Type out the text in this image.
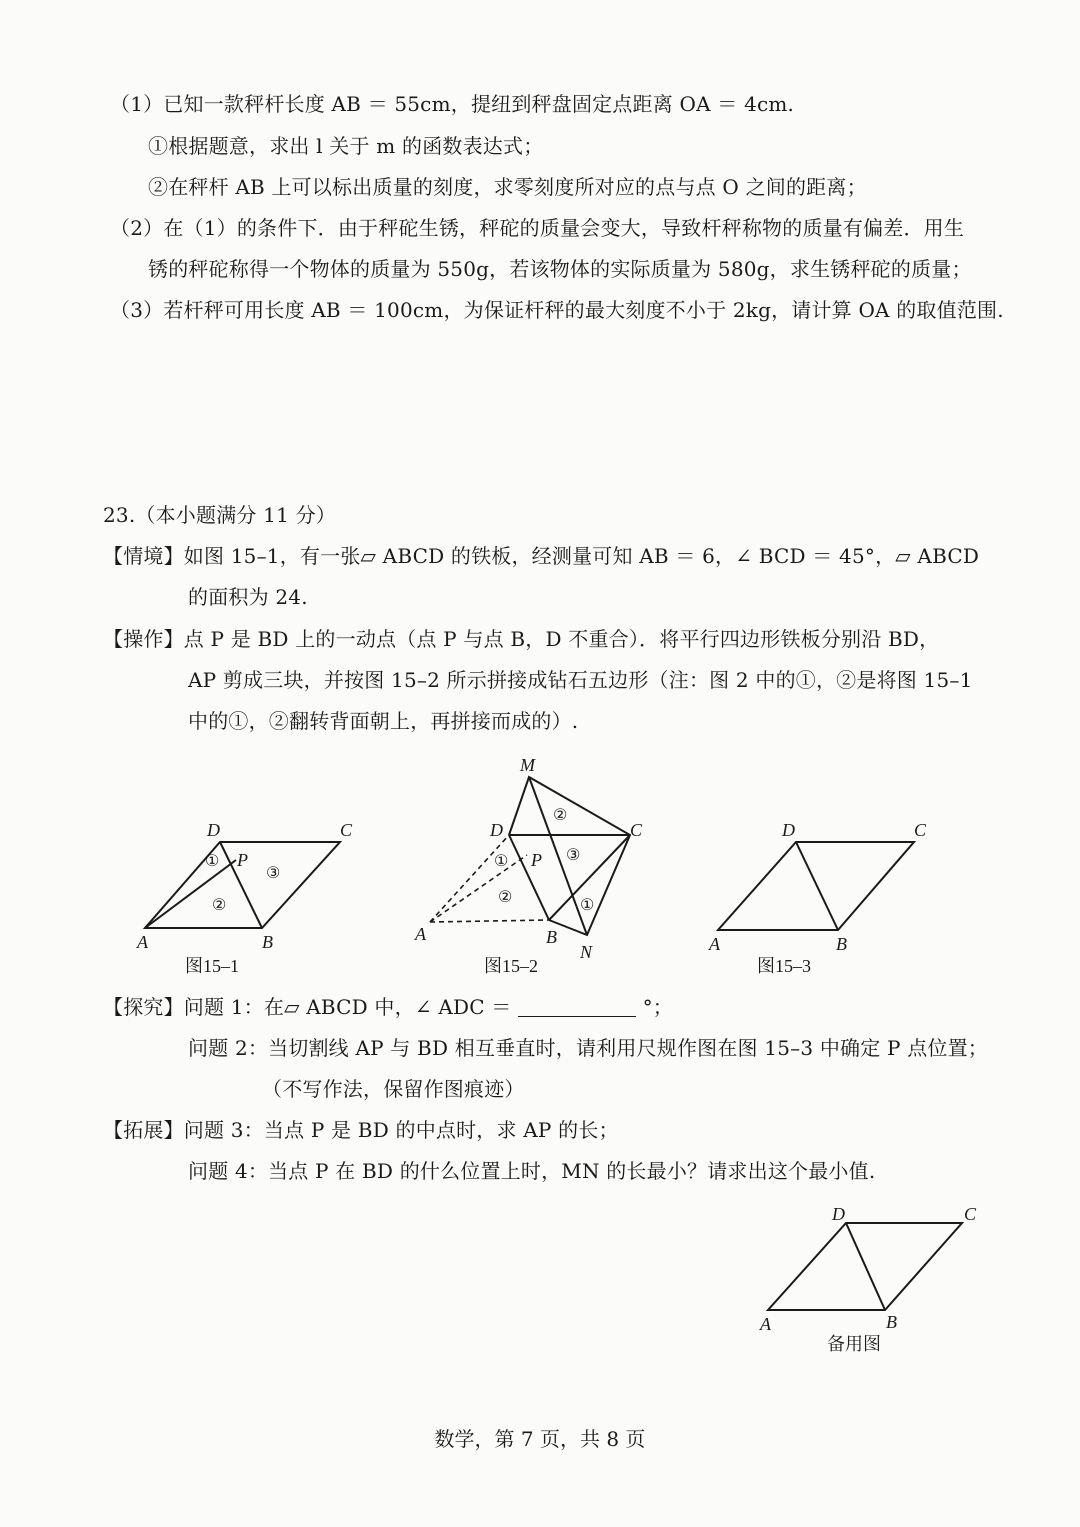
（1）已知一款秤杆长度 AB ＝ 55cm，提纽到秤盘固定点距离 OA ＝ 4cm.
①根据题意，求出 l 关于 m 的函数表达式；
②在秤杆 AB 上可以标出质量的刻度，求零刻度所对应的点与点 O 之间的距离；
（2）在（1）的条件下．由于秤砣生锈，秤砣的质量会变大，导致杆秤称物的质量有偏差．用生
锈的秤砣称得一个物体的质量为 550g，若该物体的实际质量为 580g，求生锈秤砣的质量；
（3）若杆秤可用长度 AB ＝ 100cm，为保证杆秤的最大刻度不小于 2kg，请计算 OA 的取值范围.
23.（本小题满分 11 分）
【情境】如图 15–1，有一张▱ ABCD 的铁板，经测量可知 AB ＝ 6，∠ BCD ＝ 45°，▱ ABCD
的面积为 24.
【操作】点 P 是 BD 上的一动点（点 P 与点 B，D 不重合）．将平行四边形铁板分别沿 BD，
AP 剪成三块，并按图 15–2 所示拼接成钻石五边形（注：图 2 中的①，②是将图 15–1
中的①，②翻转背面朝上，再拼接而成的）.
【探究】问题 1：在▱ ABCD 中，∠ ADC ＝	°；
问题 2：当切割线 AP 与 BD 相互垂直时，请利用尺规作图在图 15–3 中确定 P 点位置；
（不写作法，保留作图痕迹）
【拓展】问题 3：当点 P 是 BD 的中点时，求 AP 的长；
问题 4：当点 P 在 BD 的什么位置上时，MN 的长最小？请求出这个最小值.
A	B
C
D
P
①
②
③
图15–1
M
D	C
P
A	B
N
②
①
②
③
①
图15–2
A	B
C
D
图15–3
A	B
C
D
备用图
数学，第 7 页，共 8 页
